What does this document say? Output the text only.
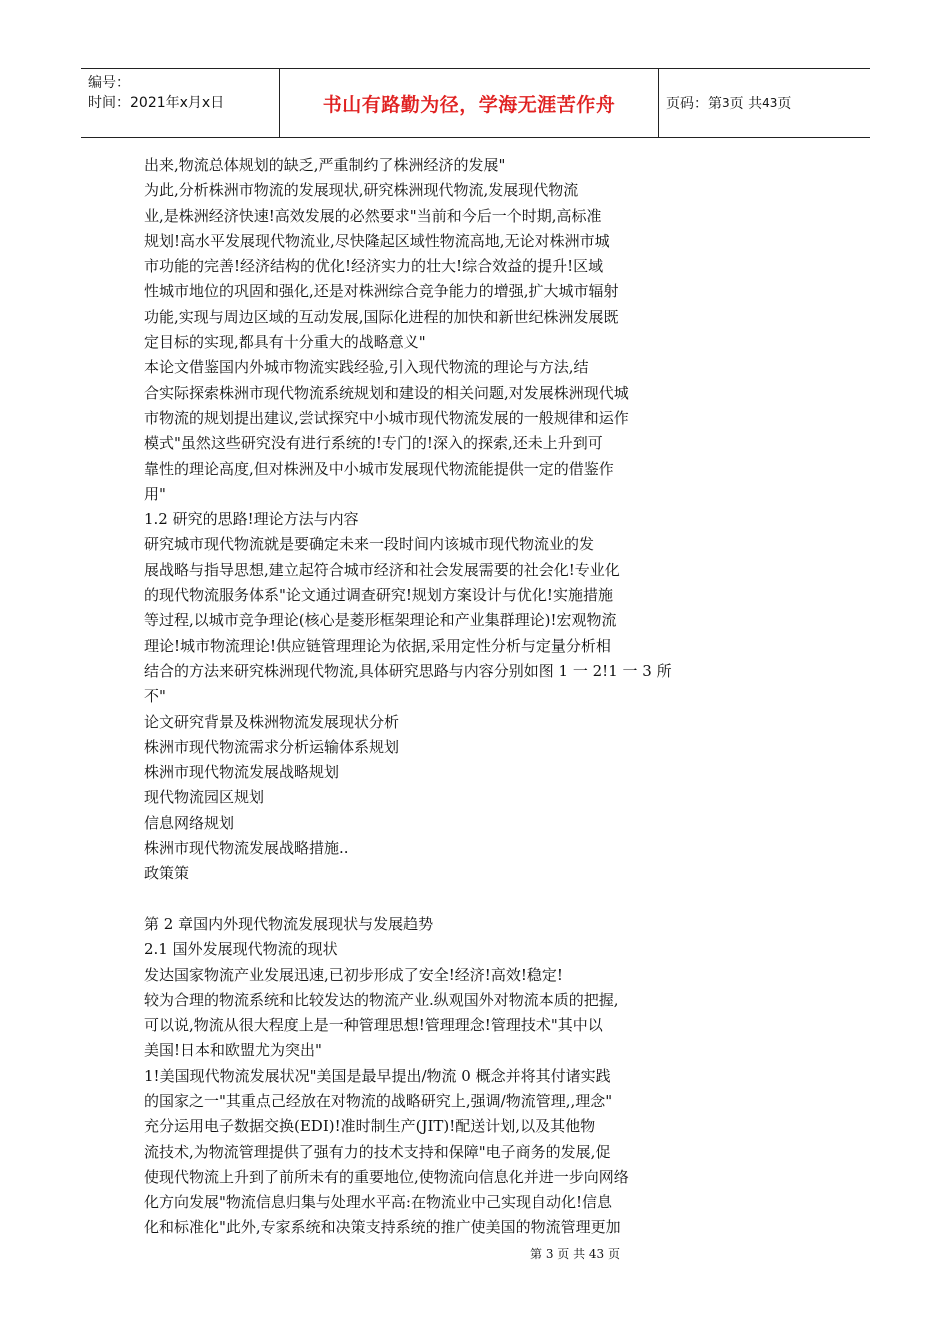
编号：
时间：2021年x月x日	书山有路勤为径，学海无涯苦作舟	页码：第 3 页 共 43 页
出来,物流总体规划的缺乏,严重制约了株洲经济的发展"
为此,分析株洲市物流的发展现状,研究株洲现代物流,发展现代物流
业,是株洲经济快速!高效发展的必然要求"当前和今后一个时期,高标准
规划!高水平发展现代物流业,尽快隆起区域性物流高地,无论对株洲市城
市功能的完善!经济结构的优化!经济实力的壮大!综合效益的提升!区域
性城市地位的巩固和强化,还是对株洲综合竞争能力的增强,扩大城市辐射
功能,实现与周边区域的互动发展,国际化进程的加快和新世纪株洲发展既
定目标的实现,都具有十分重大的战略意义"
本论文借鉴国内外城市物流实践经验,引入现代物流的理论与方法,结
合实际探索株洲市现代物流系统规划和建设的相关问题,对发展株洲现代城
市物流的规划提出建议,尝试探究中小城市现代物流发展的一般规律和运作
模式"虽然这些研究没有进行系统的!专门的!深入的探索,还未上升到可
靠性的理论高度,但对株洲及中小城市发展现代物流能提供一定的借鉴作
用"
1.2 研究的思路!理论方法与内容
研究城市现代物流就是要确定未来一段时间内该城市现代物流业的发
展战略与指导思想,建立起符合城市经济和社会发展需要的社会化!专业化
的现代物流服务体系"论文通过调查研究!规划方案设计与优化!实施措施
等过程,以城市竞争理论(核心是菱形框架理论和产业集群理论)!宏观物流
理论!城市物流理论!供应链管理理论为依据,采用定性分析与定量分析相
结合的方法来研究株洲现代物流,具体研究思路与内容分别如图 1 一 2!1 一 3 所
不"
论文研究背景及株洲物流发展现状分析
株洲市现代物流需求分析运输体系规划
株洲市现代物流发展战略规划
现代物流园区规划
信息网络规划
株洲市现代物流发展战略措施..
政策策
第 2 章国内外现代物流发展现状与发展趋势
2.1 国外发展现代物流的现状
发达国家物流产业发展迅速,已初步形成了安全!经济!高效!稳定!
较为合理的物流系统和比较发达的物流产业.纵观国外对物流本质的把握,
可以说,物流从很大程度上是一种管理思想!管理理念!管理技术"其中以
美国!日本和欧盟尤为突出"
1!美国现代物流发展状况"美国是最早提出/物流 0 概念并将其付诸实践
的国家之一"其重点己经放在对物流的战略研究上,强调/物流管理,,理念"
充分运用电子数据交换(EDI)!准时制生产(JIT)!配送计划,以及其他物
流技术,为物流管理提供了强有力的技术支持和保障"电子商务的发展,促
使现代物流上升到了前所未有的重要地位,使物流向信息化并进一步向网络
化方向发展"物流信息归集与处理水平高:在物流业中己实现自动化!信息
化和标准化"此外,专家系统和决策支持系统的推广使美国的物流管理更加
第 3 页 共 43 页
